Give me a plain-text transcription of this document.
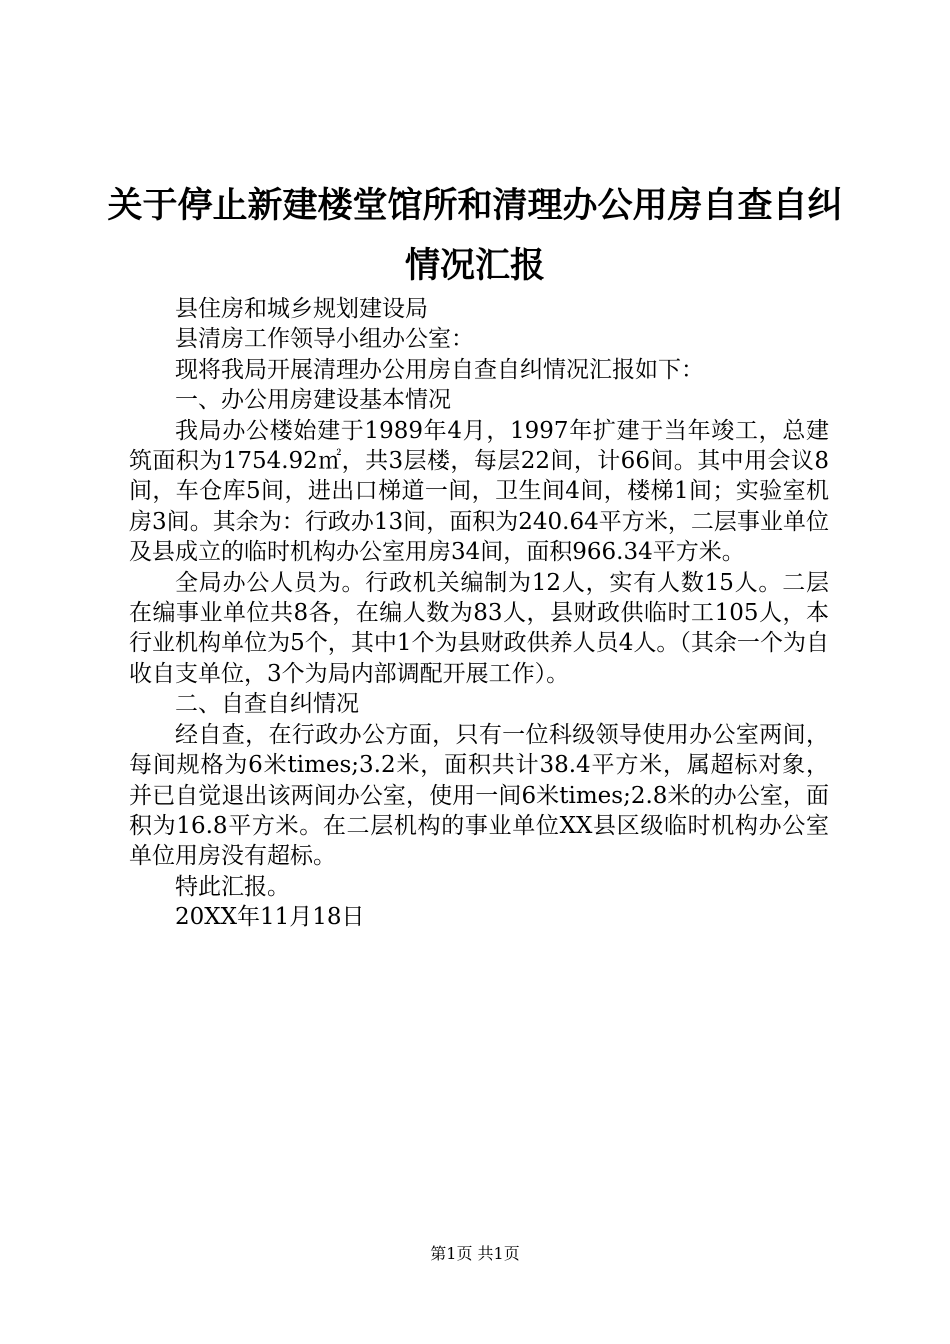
关于停止新建楼堂馆所和清理办公用房自查自纠情况汇报

县住房和城乡规划建设局

县清房工作领导小组办公室：

现将我局开展清理办公用房自查自纠情况汇报如下：

一、办公用房建设基本情况

我局办公楼始建于1989年4月，1997年扩建于当年竣工，总建筑面积为1754.92㎡，共3层楼，每层22间，计66间。其中用会议8间，车仓库5间，进出口梯道一间，卫生间4间，楼梯1间；实验室机房3间。其余为：行政办13间，面积为240.64平方米，二层事业单位及县成立的临时机构办公室用房34间，面积966.34平方米。

全局办公人员为。行政机关编制为12人，实有人数15人。二层在编事业单位共8各，在编人数为83人，县财政供临时工105人，本行业机构单位为5个，其中1个为县财政供养人员4人。（其余一个为自收自支单位，3个为局内部调配开展工作）。

二、自查自纠情况

经自查，在行政办公方面，只有一位科级领导使用办公室两间，每间规格为6米times;3.2米，面积共计38.4平方米，属超标对象，并已自觉退出该两间办公室，使用一间6米times;2.8米的办公室，面积为16.8平方米。在二层机构的事业单位XX县区级临时机构办公室单位用房没有超标。

特此汇报。

20XX年11月18日

第1页 共1页
